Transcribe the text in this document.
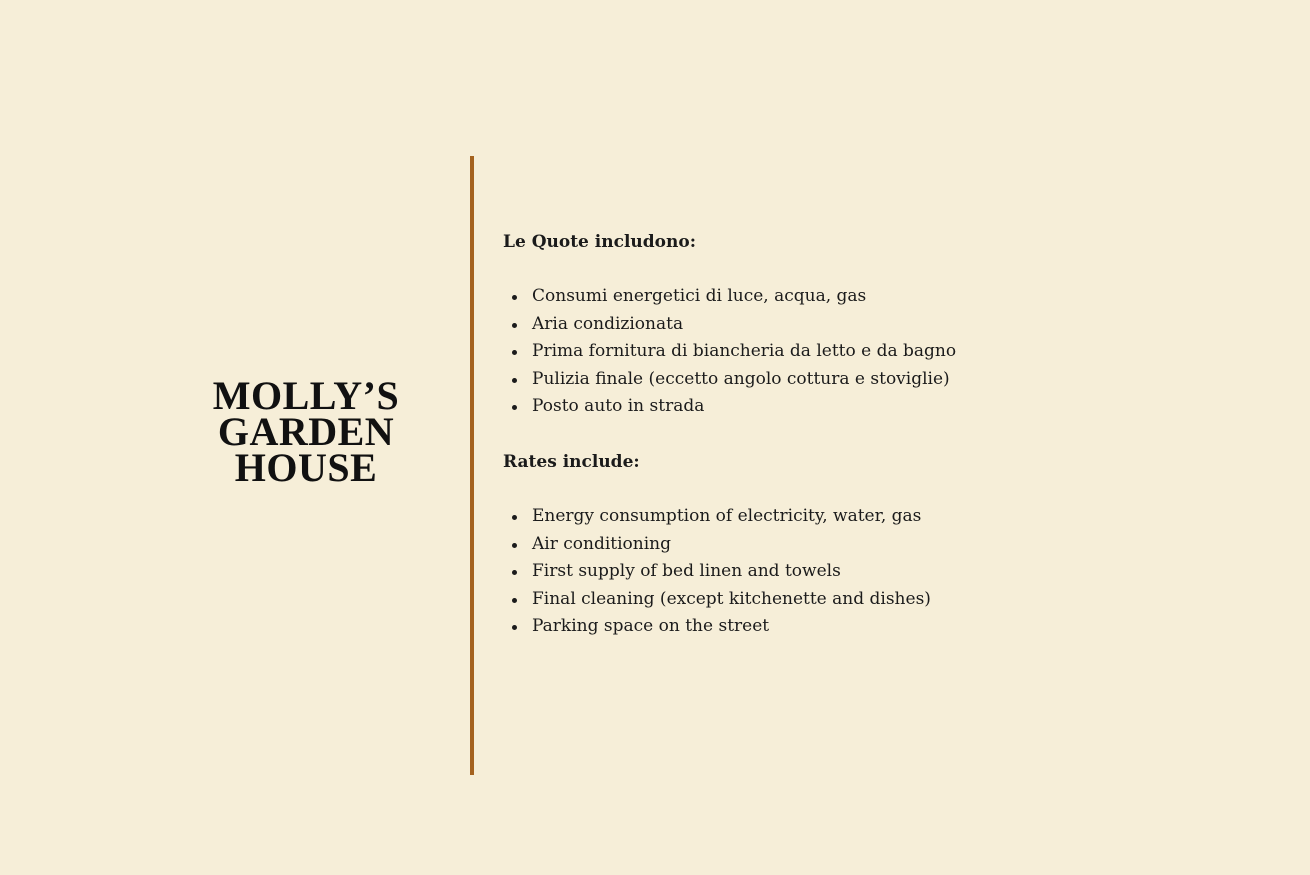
MOLLY’S
GARDEN
HOUSE

Le Quote includono:

Consumi energetici di luce, acqua, gas
Aria condizionata
Prima fornitura di biancheria da letto e da bagno
Pulizia finale (eccetto angolo cottura e stoviglie)
Posto auto in strada

Rates include:

Energy consumption of electricity, water, gas
Air conditioning
First supply of bed linen and towels
Final cleaning (except kitchenette and dishes)
Parking space on the street
